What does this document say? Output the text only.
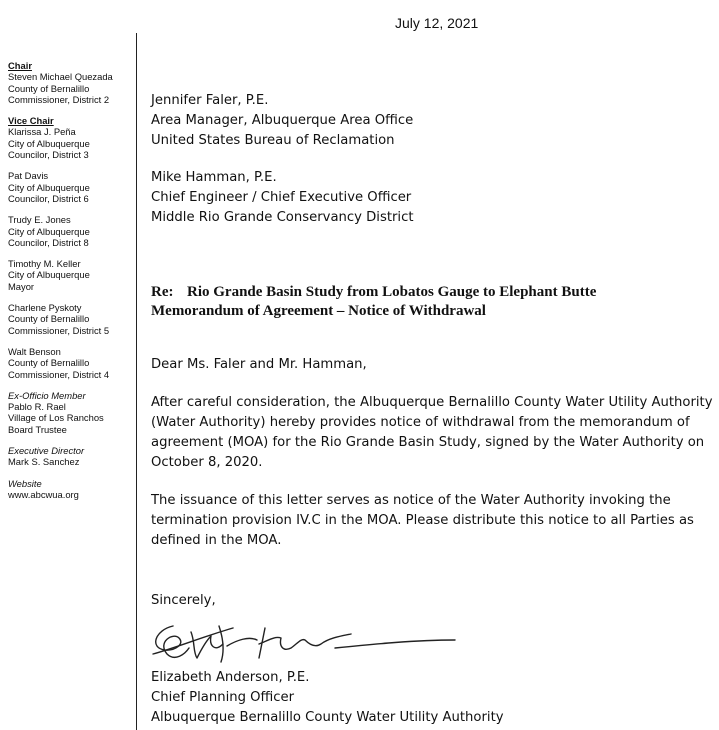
July 12, 2021
Chair
Steven Michael Quezada
County of Bernalillo
Commissioner, District 2
Vice Chair
Klarissa J. Peña
City of Albuquerque
Councilor, District 3
Pat Davis
City of Albuquerque
Councilor, District 6
Trudy E. Jones
City of Albuquerque
Councilor, District 8
Timothy M. Keller
City of Albuquerque
Mayor
Charlene Pyskoty
County of Bernalillo
Commissioner, District 5
Walt Benson
County of Bernalillo
Commissioner, District 4
Ex-Officio Member
Pablo R. Rael
Village of Los Ranchos
Board Trustee
Executive Director
Mark S. Sanchez
Website
www.abcwua.org
Jennifer Faler, P.E.
Area Manager, Albuquerque Area Office
United States Bureau of Reclamation
Mike Hamman, P.E.
Chief Engineer / Chief Executive Officer
Middle Rio Grande Conservancy District
Re: Rio Grande Basin Study from Lobatos Gauge to Elephant Butte
Memorandum of Agreement – Notice of Withdrawal
Dear Ms. Faler and Mr. Hamman,
After careful consideration, the Albuquerque Bernalillo County Water Utility Authority
(Water Authority) hereby provides notice of withdrawal from the memorandum of
agreement (MOA) for the Rio Grande Basin Study, signed by the Water Authority on
October 8, 2020.
The issuance of this letter serves as notice of the Water Authority invoking the
termination provision IV.C in the MOA. Please distribute this notice to all Parties as
defined in the MOA.
Sincerely,
Elizabeth Anderson, P.E.
Chief Planning Officer
Albuquerque Bernalillo County Water Utility Authority
